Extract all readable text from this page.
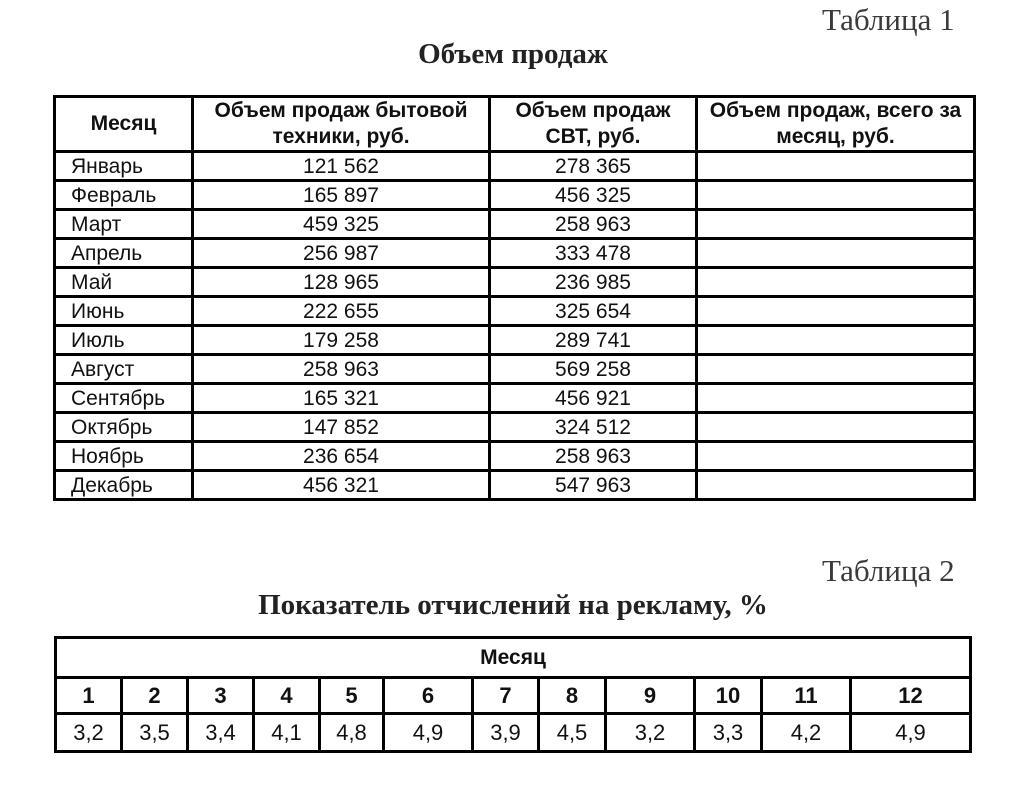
Таблица 1
Объем продаж
Месяц	Объем продаж бытовой техники, руб.	Объем продаж СВТ, руб.	Объем продаж, всего за месяц, руб.
Январь	121 562	278 365	
Февраль	165 897	456 325	
Март	459 325	258 963	
Апрель	256 987	333 478	
Май	128 965	236 985	
Июнь	222 655	325 654	
Июль	179 258	289 741	
Август	258 963	569 258	
Сентябрь	165 321	456 921	
Октябрь	147 852	324 512	
Ноябрь	236 654	258 963	
Декабрь	456 321	547 963	
Таблица 2
Показатель отчислений на рекламу, %
Месяц											
1	2	3	4	5	6	7	8	9	10	11	12
3,2	3,5	3,4	4,1	4,8	4,9	3,9	4,5	3,2	3,3	4,2	4,9
